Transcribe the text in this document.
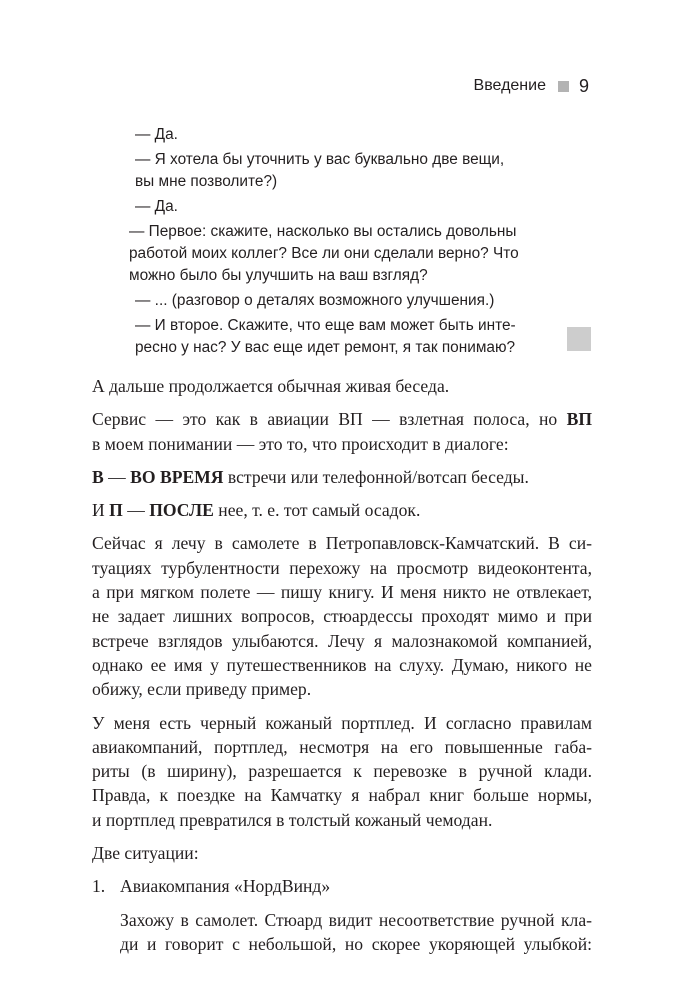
Введение 9
— Да.
— Я хотела бы уточнить у вас буквально две вещи,
вы мне позволите?)
— Да.
— Первое: скажите, насколько вы остались довольны
работой моих коллег? Все ли они сделали верно? Что
можно было бы улучшить на ваш взгляд?
— ... (разговор о деталях возможного улучшения.)
— И второе. Скажите, что еще вам может быть инте-
ресно у нас? У вас еще идет ремонт, я так понимаю?

А дальше продолжается обычная живая беседа.

Сервис — это как в авиации ВП — взлетная полоса, но ВП
в моем понимании — это то, что происходит в диалоге:

В — ВО ВРЕМЯ встречи или телефонной/вотсап беседы.

И П — ПОСЛЕ нее, т. е. тот самый осадок.

Сейчас я лечу в самолете в Петропавловск-Камчатский. В си-
туациях турбулентности перехожу на просмотр видеоконтента,
а при мягком полете — пишу книгу. И меня никто не отвлекает,
не задает лишних вопросов, стюардессы проходят мимо и при
встрече взглядов улыбаются. Лечу я малознакомой компанией,
однако ее имя у путешественников на слуху. Думаю, никого не
обижу, если приведу пример.

У меня есть черный кожаный портплед. И согласно правилам
авиакомпаний, портплед, несмотря на его повышенные габа-
риты (в ширину), разрешается к перевозке в ручной клади.
Правда, к поездке на Камчатку я набрал книг больше нормы,
и портплед превратился в толстый кожаный чемодан.

Две ситуации:

1. Авиакомпания «НордВинд»

Захожу в самолет. Стюард видит несоответствие ручной кла-
ди и говорит с небольшой, но скорее укоряющей улыбкой:
